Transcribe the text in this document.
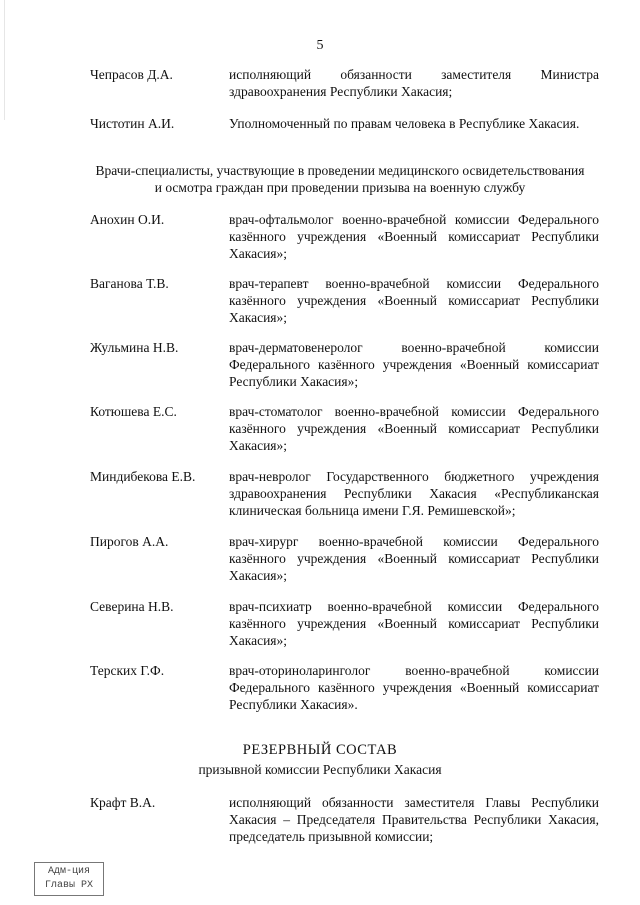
5
Чепрасов Д.А.	исполняющий обязанности заместителя Министра здравоохранения Республики Хакасия;
Чистотин А.И.	Уполномоченный по правам человека в Республике Хакасия.
Врачи-специалисты, участвующие в проведении медицинского освидетельствования
и осмотра граждан при проведении призыва на военную службу
Анохин О.И.	врач-офтальмолог военно-врачебной комиссии Федерального казённого учреждения «Военный комиссариат Республики Хакасия»;
Ваганова Т.В.	врач-терапевт военно-врачебной комиссии Федерального казённого учреждения «Военный комиссариат Республики Хакасия»;
Жульмина Н.В.	врач-дерматовенеролог военно-врачебной комиссии Федерального казённого учреждения «Военный комиссариат Республики Хакасия»;
Котюшева Е.С.	врач-стоматолог военно-врачебной комиссии Федерального казённого учреждения «Военный комиссариат Республики Хакасия»;
Миндибекова Е.В.	врач-невролог Государственного бюджетного учреждения здравоохранения Республики Хакасия «Республиканская клиническая больница имени Г.Я. Ремишевской»;
Пирогов А.А.	врач-хирург военно-врачебной комиссии Федерального казённого учреждения «Военный комиссариат Республики Хакасия»;
Северина Н.В.	врач-психиатр военно-врачебной комиссии Федерального казённого учреждения «Военный комиссариат Республики Хакасия»;
Терских Г.Ф.	врач-оториноларинголог военно-врачебной комиссии Федерального казённого учреждения «Военный комиссариат Республики Хакасия».
РЕЗЕРВНЫЙ СОСТАВ
призывной комиссии Республики Хакасия
Крафт В.А.	исполняющий обязанности заместителя Главы Республики Хакасия – Председателя Правительства Республики Хакасия, председатель призывной комиссии;
Адм-ция
Главы РХ
